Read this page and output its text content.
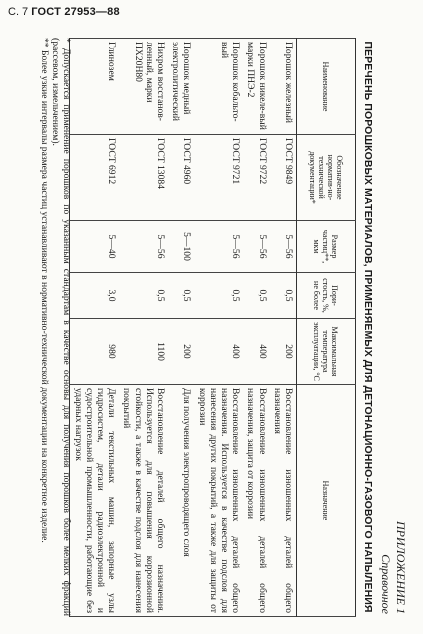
С. 7 ГОСТ 27953—88
ПРИЛОЖЕНИЕ 1
Справочное
ПЕРЕЧЕНЬ ПОРОШКОВЫХ МАТЕРИАЛОВ, ПРИМЕНЯЕМЫХ ДЛЯ ДЕТОНАЦИОННО-ГАЗОВОГО НАПЫЛЕНИЯ
Наименование	Обозначение норматив-но-технической документации*	Размер частиц**, мкм	Пори-стость, %, не более	Максимальная температура эксплуатации, °С	Назначение
Порошок железный	ГОСТ 9849	5—56	0,5	200	Восстановление изношенных деталей общего назначения
Порошок никеле-вый марки ПНЭ-2	ГОСТ 9722	5—56	0,5	400	Восстановление изношенных деталей общего назначения, защита от коррозии
Порошок кобальто-вый	ГОСТ 9721	5—56	0,5	400	Восстановление изношенных деталей общего назначения. Используется в качестве подслоя для нанесения других покрытий, а также для защиты от коррозии
Порошок медный электролитический	ГОСТ 4960	5—100	0,5	200	Для получения электропроводящего слоя
Нихром восстанов-ленный, марки ПХ20Н80	ГОСТ 13084	5—56	0,5	1100	Восстановление деталей общего назначения. Используется для повышения коррозионной стойкости, а также в качестве подслоя для нанесения покрытий
Глинозем	ГОСТ 6912	5—40	3,0	980	Детали текстильных машин, запорные узлы гидросистем, детали радиоэлектронной и судостроительной промышленности, работающие без ударных нагрузок

* Допускается применение порошков по указанным стандартам в качестве основы для получения порошков более мелких фракций (рассевом, измельчением).

** Более узкие интервалы размера частиц устанавливают в нормативно-технической документации на конкретное изделие.
